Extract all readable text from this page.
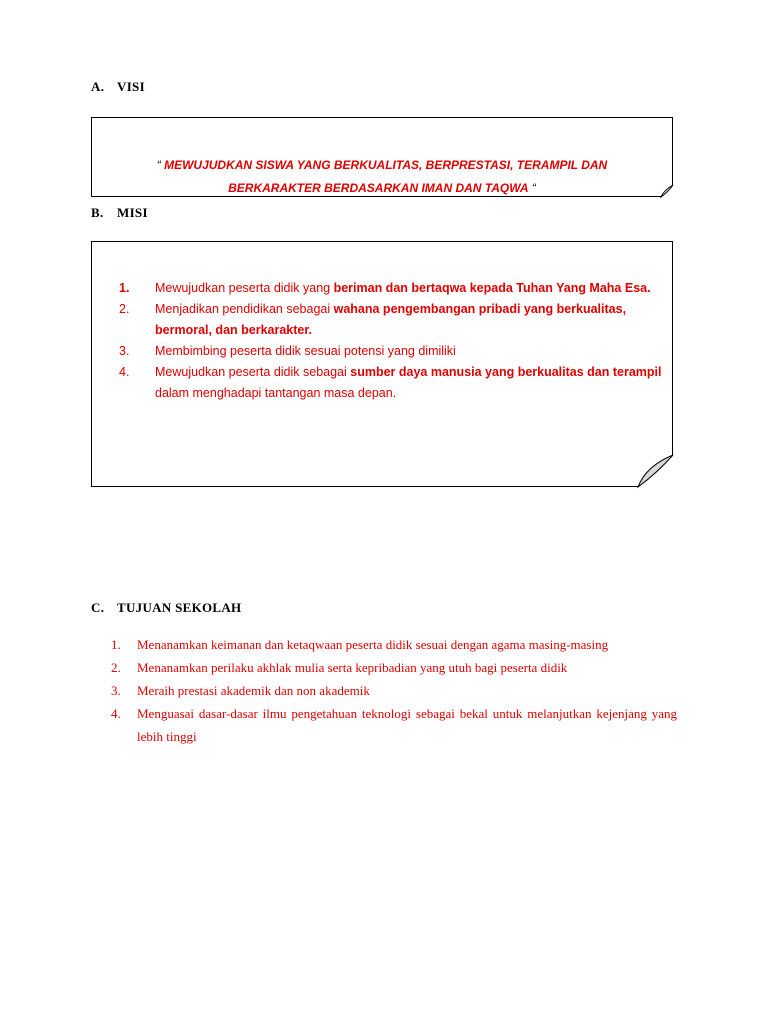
A. VISI
“ MEWUJUDKAN SISWA YANG BERKUALITAS, BERPRESTASI, TERAMPIL DAN BERKARAKTER BERDASARKAN IMAN DAN TAQWA “
B. MISI
1. Mewujudkan peserta didik yang beriman dan bertaqwa kepada Tuhan Yang Maha Esa.
2. Menjadikan pendidikan sebagai wahana pengembangan pribadi yang berkualitas, bermoral, dan berkarakter.
3. Membimbing peserta didik sesuai potensi yang dimiliki
4. Mewujudkan peserta didik sebagai sumber daya manusia yang berkualitas dan terampil dalam menghadapi tantangan masa depan.
C. TUJUAN SEKOLAH
1. Menanamkan keimanan dan ketaqwaan peserta didik sesuai dengan agama masing-masing
2. Menanamkan perilaku akhlak mulia serta kepribadian yang utuh bagi peserta didik
3. Meraih prestasi akademik dan non akademik
4. Menguasai dasar-dasar ilmu pengetahuan teknologi sebagai bekal untuk melanjutkan kejenjang yang lebih tinggi
